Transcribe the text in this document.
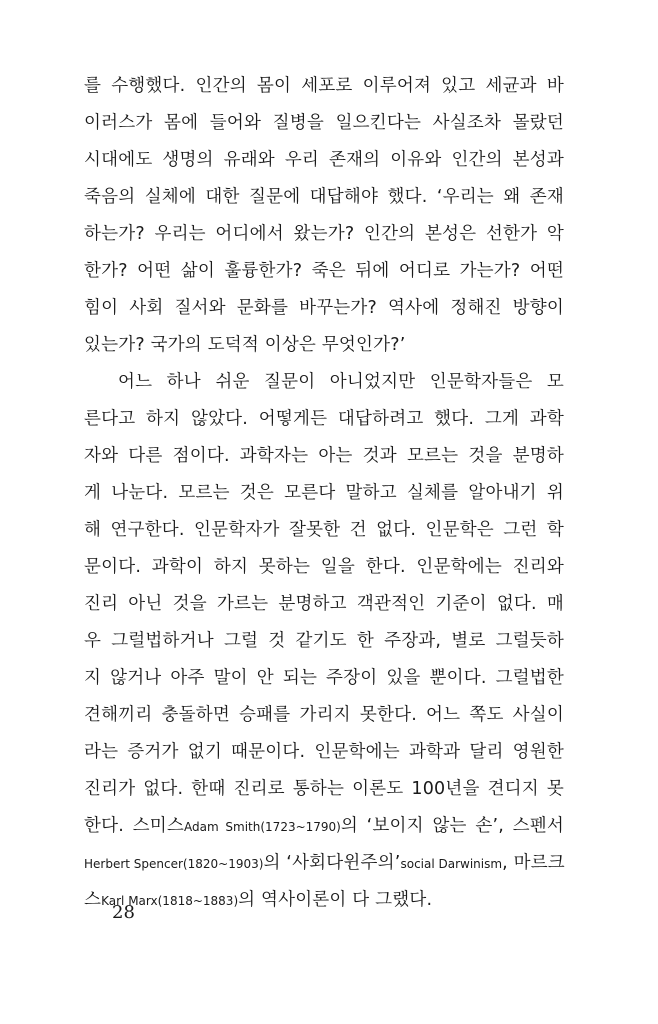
를 수행했다. 인간의 몸이 세포로 이루어져 있고 세균과 바
이러스가 몸에 들어와 질병을 일으킨다는 사실조차 몰랐던
시대에도 생명의 유래와 우리 존재의 이유와 인간의 본성과
죽음의 실체에 대한 질문에 대답해야 했다. ‘우리는 왜 존재
하는가? 우리는 어디에서 왔는가? 인간의 본성은 선한가 악
한가? 어떤 삶이 훌륭한가? 죽은 뒤에 어디로 가는가? 어떤
힘이 사회 질서와 문화를 바꾸는가? 역사에 정해진 방향이
있는가? 국가의 도덕적 이상은 무엇인가?’
어느 하나 쉬운 질문이 아니었지만 인문학자들은 모
른다고 하지 않았다. 어떻게든 대답하려고 했다. 그게 과학
자와 다른 점이다. 과학자는 아는 것과 모르는 것을 분명하
게 나눈다. 모르는 것은 모른다 말하고 실체를 알아내기 위
해 연구한다. 인문학자가 잘못한 건 없다. 인문학은 그런 학
문이다. 과학이 하지 못하는 일을 한다. 인문학에는 진리와
진리 아닌 것을 가르는 분명하고 객관적인 기준이 없다. 매
우 그럴법하거나 그럴 것 같기도 한 주장과, 별로 그럴듯하
지 않거나 아주 말이 안 되는 주장이 있을 뿐이다. 그럴법한
견해끼리 충돌하면 승패를 가리지 못한다. 어느 쪽도 사실이
라는 증거가 없기 때문이다. 인문학에는 과학과 달리 영원한
진리가 없다. 한때 진리로 통하는 이론도 100년을 견디지 못
한다. 스미스Adam Smith(1723~1790)의 ‘보이지 않는 손’, 스펜서
Herbert Spencer(1820~1903)의 ‘사회다윈주의’social Darwinism, 마르크
스Karl Marx(1818~1883)의 역사이론이 다 그랬다.
28
